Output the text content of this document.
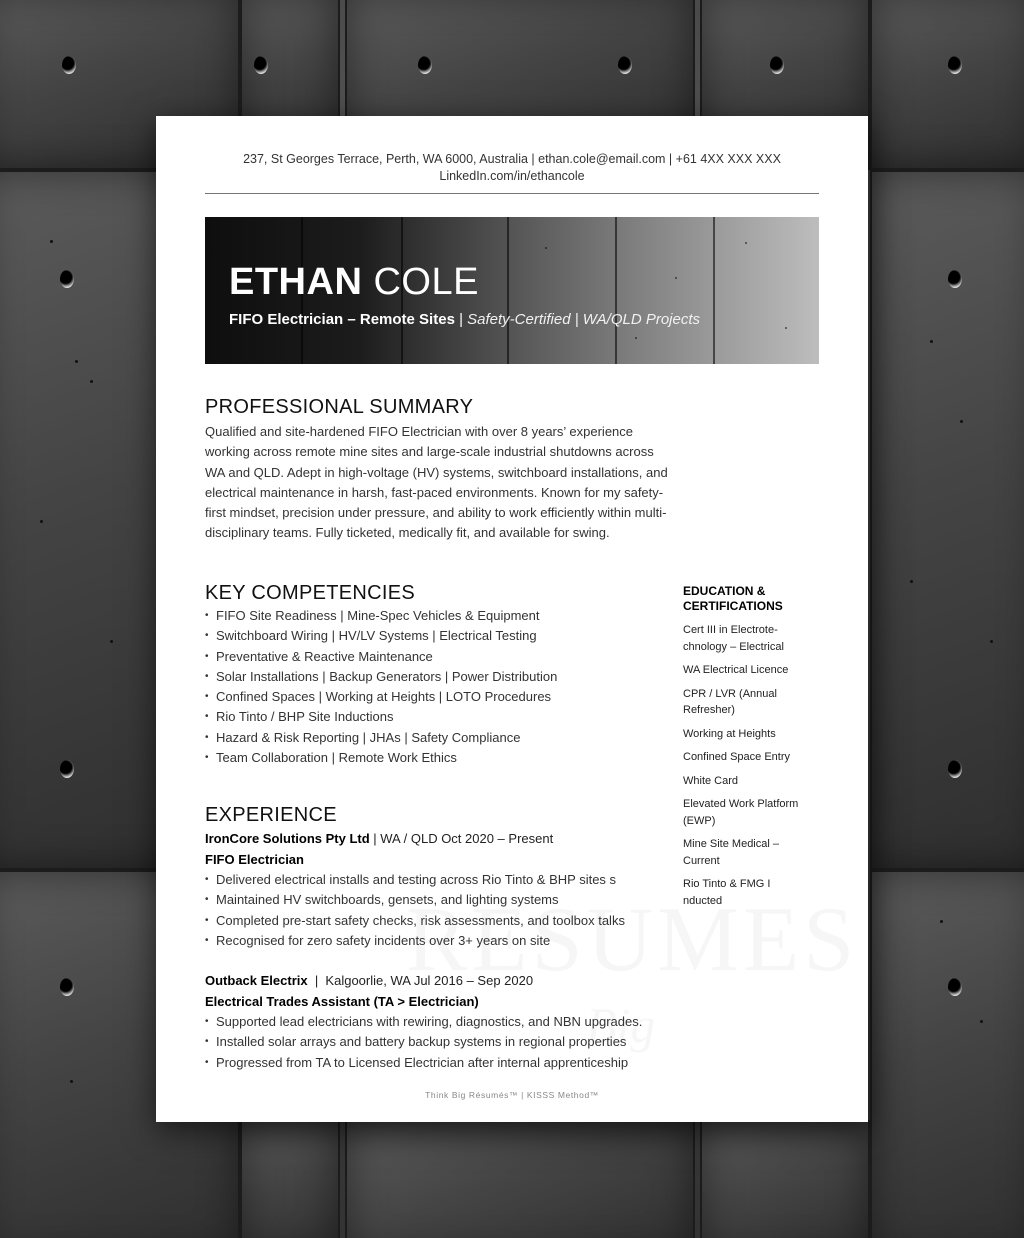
237, St Georges Terrace, Perth, WA 6000, Australia | ethan.cole@email.com | +61 4XX XXX XXX
LinkedIn.com/in/ethancole
ETHAN COLE
FIFO Electrician – Remote Sites | Safety-Certified | WA/QLD Projects
PROFESSIONAL SUMMARY
Qualified and site-hardened FIFO Electrician with over 8 years’ experience working across remote mine sites and large-scale industrial shutdowns across WA and QLD. Adept in high-voltage (HV) systems, switchboard installations, and electrical maintenance in harsh, fast-paced environments. Known for my safety-first mindset, precision under pressure, and ability to work efficiently within multi-disciplinary teams. Fully ticketed, medically fit, and available for swing.
KEY COMPETENCIES
• FIFO Site Readiness | Mine-Spec Vehicles & Equipment
• Switchboard Wiring | HV/LV Systems | Electrical Testing
• Preventative & Reactive Maintenance
• Solar Installations | Backup Generators | Power Distribution
• Confined Spaces | Working at Heights | LOTO Procedures
• Rio Tinto / BHP Site Inductions
• Hazard & Risk Reporting | JHAs | Safety Compliance
• Team Collaboration | Remote Work Ethics
EXPERIENCE
IronCore Solutions Pty Ltd | WA / QLD Oct 2020 – Present
FIFO Electrician
• Delivered electrical installs and testing across Rio Tinto & BHP sites s
• Maintained HV switchboards, gensets, and lighting systems
• Completed pre-start safety checks, risk assessments, and toolbox talks
• Recognised for zero safety incidents over 3+ years on site
Outback Electrix  |  Kalgoorlie, WA Jul 2016 – Sep 2020
Electrical Trades Assistant (TA > Electrician)
• Supported lead electricians with rewiring, diagnostics, and NBN upgrades.
• Installed solar arrays and battery backup systems in regional properties
• Progressed from TA to Licensed Electrician after internal apprenticeship
EDUCATION & CERTIFICATIONS
Cert III in Electrote-chnology – Electrical
WA Electrical Licence
CPR / LVR (Annual Refresher)
Working at Heights
Confined Space Entry
White Card
Elevated Work Platform (EWP)
Mine Site Medical – Current
Rio Tinto & FMG I nducted
Think Big Résumés™ | KISSS Method™
